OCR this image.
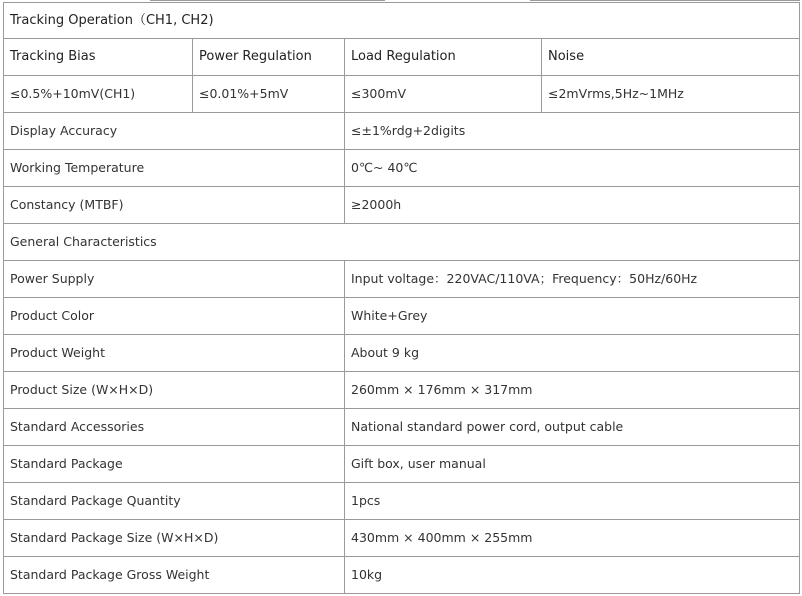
Tracking Operation（CH1, CH2)			
Tracking Bias	Power Regulation	Load Regulation	Noise
≤0.5%+10mV(CH1)	≤0.01%+5mV	≤300mV	≤2mVrms,5Hz~1MHz
Display Accuracy		≤±1%rdg+2digits	
Working Temperature		0℃~ 40℃	
Constancy (MTBF)		≥2000h	
General Characteristics			
Power Supply		Input voltage：220VAC/110VA；Frequency：50Hz/60Hz	
Product Color		White+Grey	
Product Weight		About 9 kg	
Product Size (W×H×D)		260mm × 176mm × 317mm	
Standard Accessories		National standard power cord, output cable	
Standard Package		Gift box, user manual	
Standard Package Quantity		1pcs	
Standard Package Size (W×H×D)		430mm × 400mm × 255mm	
Standard Package Gross Weight		10kg	
